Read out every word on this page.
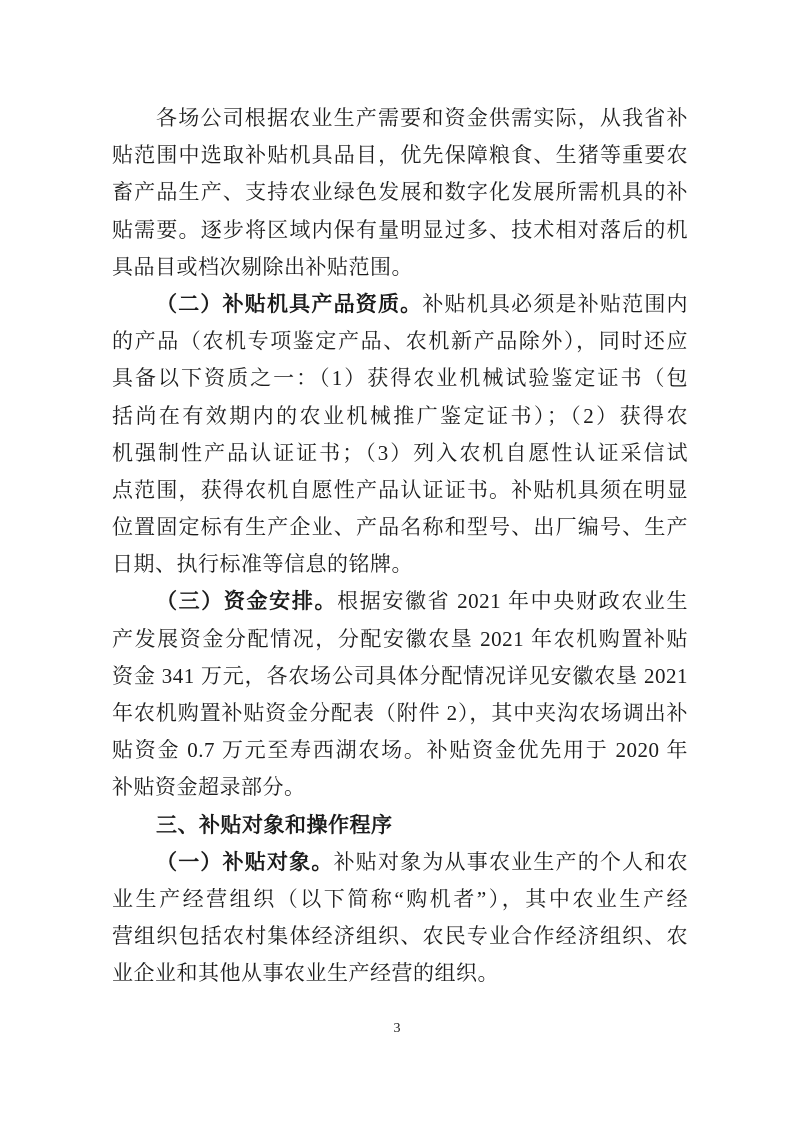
各场公司根据农业生产需要和资金供需实际，从我省补
贴范围中选取补贴机具品目，优先保障粮食、生猪等重要农
畜产品生产、支持农业绿色发展和数字化发展所需机具的补
贴需要。逐步将区域内保有量明显过多、技术相对落后的机
具品目或档次剔除出补贴范围。
（二）补贴机具产品资质。补贴机具必须是补贴范围内
的产品（农机专项鉴定产品、农机新产品除外），同时还应
具备以下资质之一：（1）获得农业机械试验鉴定证书（包
括尚在有效期内的农业机械推广鉴定证书）；（2）获得农
机强制性产品认证证书；（3）列入农机自愿性认证采信试
点范围，获得农机自愿性产品认证证书。补贴机具须在明显
位置固定标有生产企业、产品名称和型号、出厂编号、生产
日期、执行标准等信息的铭牌。
（三）资金安排。根据安徽省 2021 年中央财政农业生
产发展资金分配情况，分配安徽农垦 2021 年农机购置补贴
资金 341 万元，各农场公司具体分配情况详见安徽农垦 2021
年农机购置补贴资金分配表（附件 2），其中夹沟农场调出补
贴资金 0.7 万元至寿西湖农场。补贴资金优先用于 2020 年
补贴资金超录部分。
三、补贴对象和操作程序
（一）补贴对象。补贴对象为从事农业生产的个人和农
业生产经营组织（以下简称“购机者”），其中农业生产经
营组织包括农村集体经济组织、农民专业合作经济组织、农
业企业和其他从事农业生产经营的组织。
3
